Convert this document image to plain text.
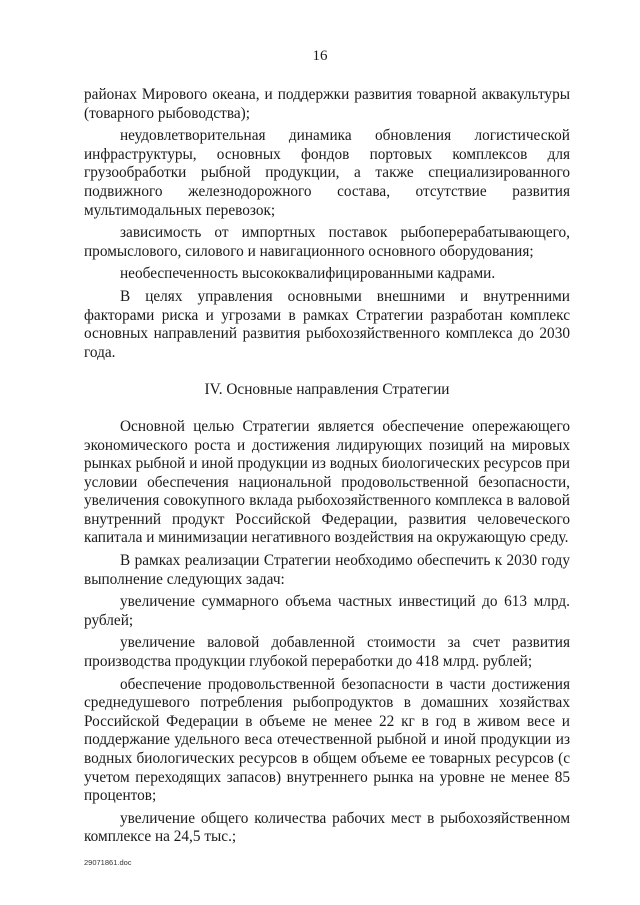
16

районах Мирового океана, и поддержки развития товарной аквакультуры (товарного рыбоводства);

неудовлетворительная динамика обновления логистической инфраструктуры, основных фондов портовых комплексов для грузообработки рыбной продукции, а также специализированного подвижного железнодорожного состава, отсутствие развития мультимодальных перевозок;

зависимость от импортных поставок рыбоперерабатывающего, промыслового, силового и навигационного основного оборудования;

необеспеченность высококвалифицированными кадрами.

В целях управления основными внешними и внутренними факторами риска и угрозами в рамках Стратегии разработан комплекс основных направлений развития рыбохозяйственного комплекса до 2030 года.

IV. Основные направления Стратегии

Основной целью Стратегии является обеспечение опережающего экономического роста и достижения лидирующих позиций на мировых рынках рыбной и иной продукции из водных биологических ресурсов при условии обеспечения национальной продовольственной безопасности, увеличения совокупного вклада рыбохозяйственного комплекса в валовой внутренний продукт Российской Федерации, развития человеческого капитала и минимизации негативного воздействия на окружающую среду.

В рамках реализации Стратегии необходимо обеспечить к 2030 году выполнение следующих задач:

увеличение суммарного объема частных инвестиций до 613 млрд. рублей;

увеличение валовой добавленной стоимости за счет развития производства продукции глубокой переработки до 418 млрд. рублей;

обеспечение продовольственной безопасности в части достижения среднедушевого потребления рыбопродуктов в домашних хозяйствах Российской Федерации в объеме не менее 22 кг в год в живом весе и поддержание удельного веса отечественной рыбной и иной продукции из водных биологических ресурсов в общем объеме ее товарных ресурсов (с учетом переходящих запасов) внутреннего рынка на уровне не менее 85 процентов;

увеличение общего количества рабочих мест в рыбохозяйственном комплексе на 24,5 тыс.;

29071861.doc
